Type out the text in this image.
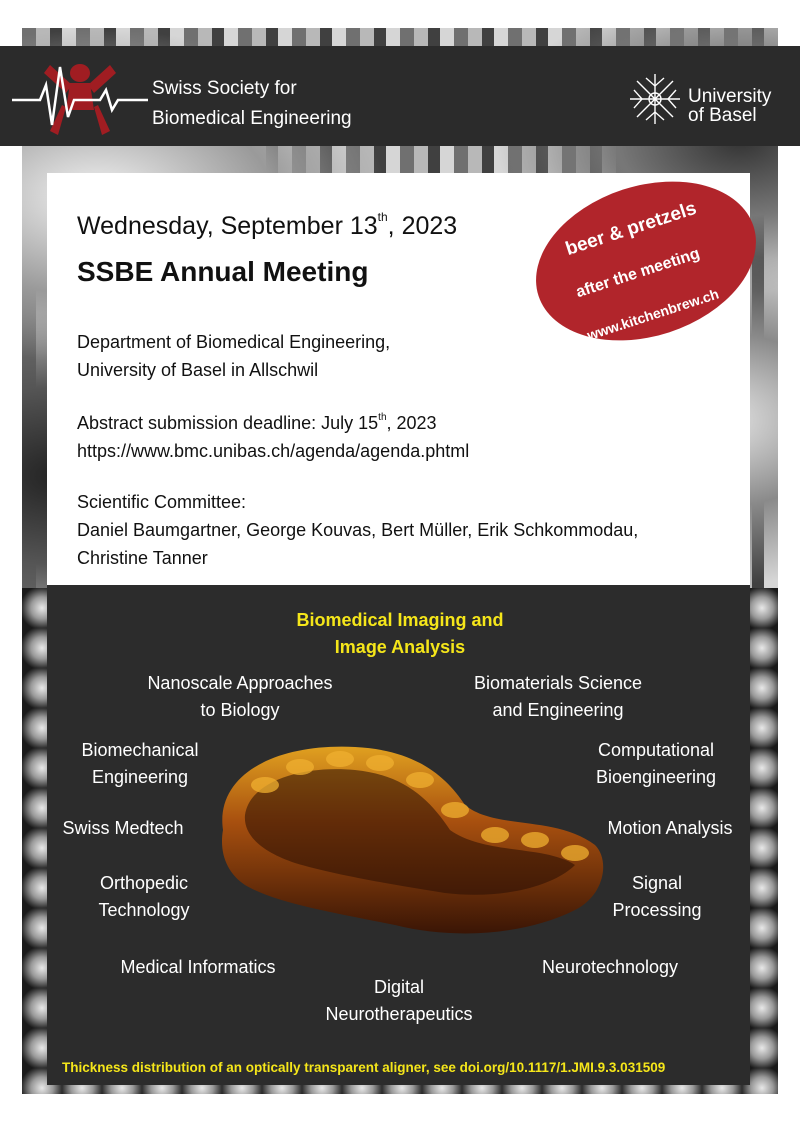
Swiss Society for
Biomedical Engineering
University
of Basel
Wednesday, September 13th, 2023
SSBE Annual Meeting
Department of Biomedical Engineering,
University of Basel in Allschwil
Abstract submission deadline: July 15th, 2023
https://www.bmc.unibas.ch/agenda/agenda.phtml
Scientific Committee:
Daniel Baumgartner, George Kouvas, Bert Müller, Erik Schkommodau,
Christine Tanner
beer & pretzels
after the meeting
www.kitchenbrew.ch
Biomedical Imaging and
Image Analysis
Nanoscale Approaches
to Biology
Biomaterials Science
and Engineering
Biomechanical
Engineering
Computational
Bioengineering
Swiss Medtech	Motion Analysis
Orthopedic
Technology
Signal
Processing
Medical Informatics	Neurotechnology
Digital
Neurotherapeutics
Thickness distribution of an optically transparent aligner, see doi.org/10.1117/1.JMI.9.3.031509
